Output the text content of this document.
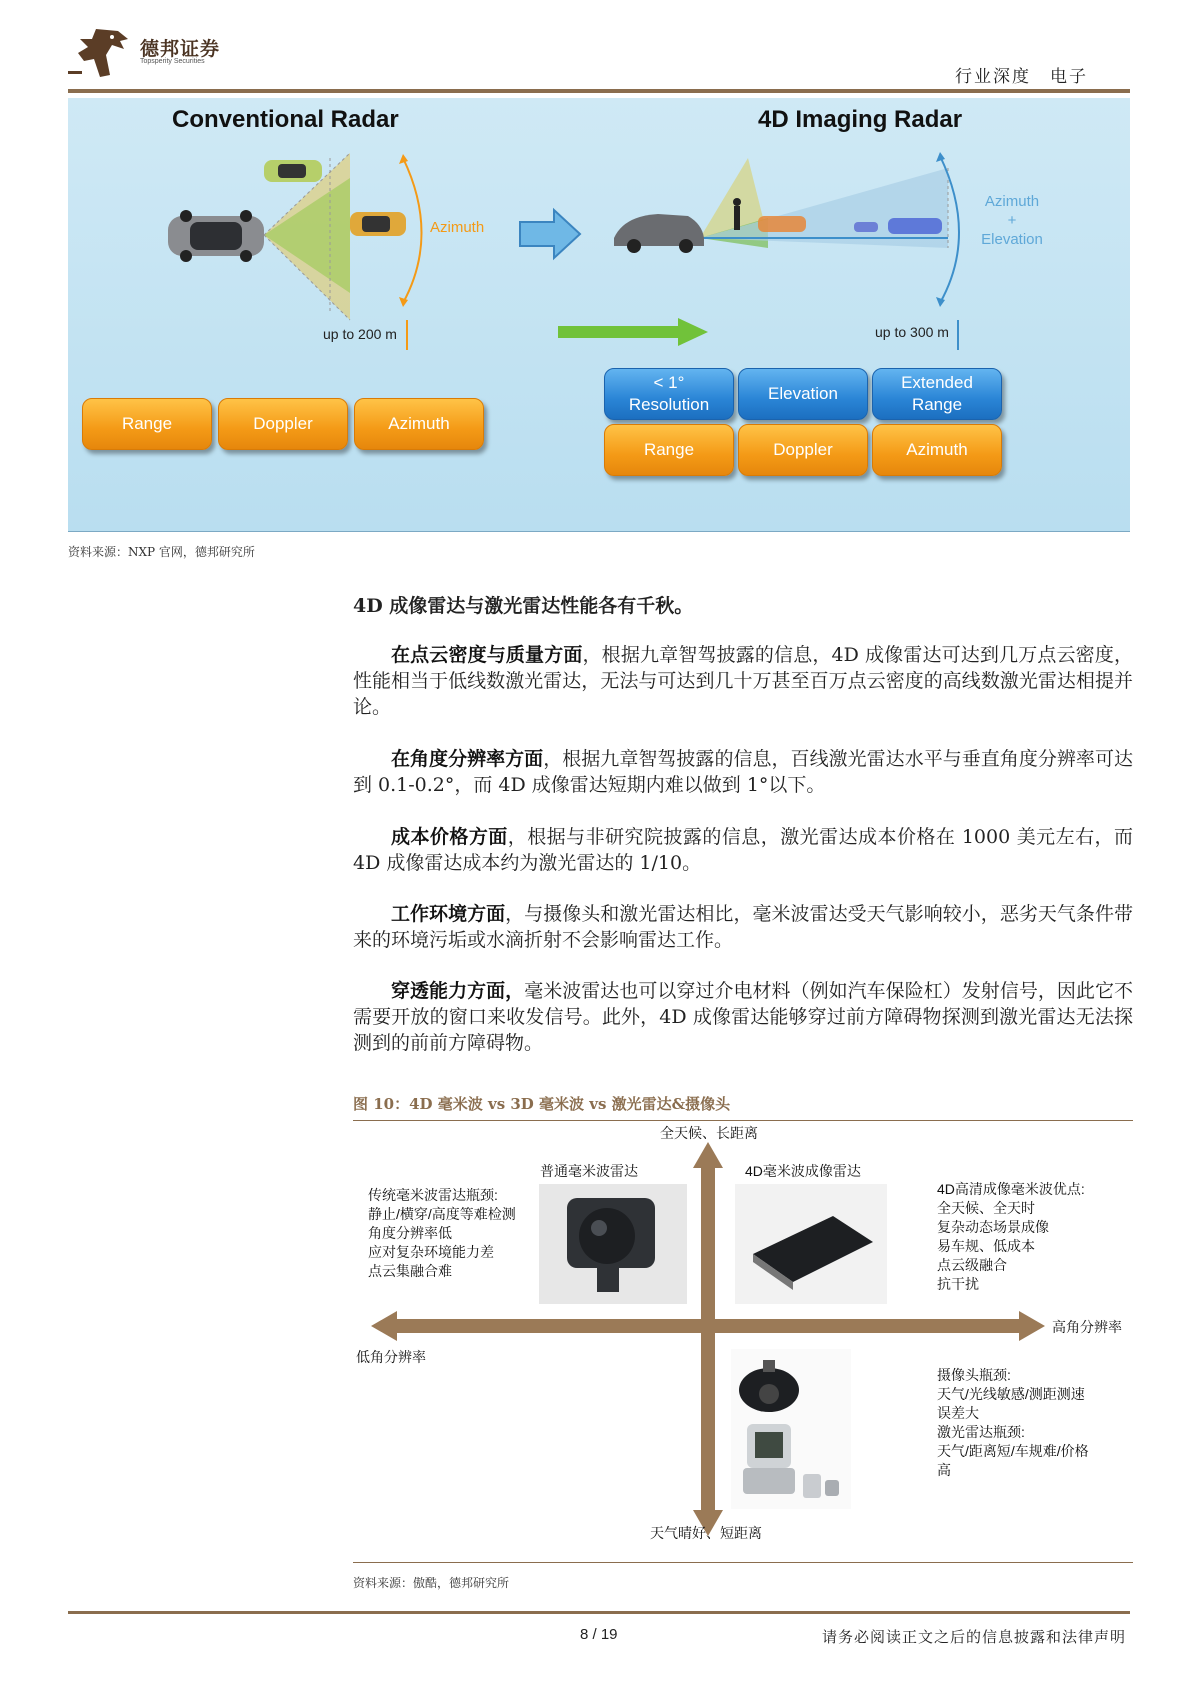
德邦证券
Topsperity Securities
行业深度　电子
Conventional Radar	4D Imaging Radar
Azimuth
Azimuth
+
Elevation
up to 200 m	up to 300 m
Range	Doppler	Azimuth
< 1°
Resolution
Elevation
Extended
Range
Range	Doppler	Azimuth
资料来源：NXP 官网，德邦研究所
4D 成像雷达与激光雷达性能各有千秋。
在点云密度与质量方面，根据九章智驾披露的信息，4D 成像雷达可达到几万点云密度，性能相当于低线数激光雷达，无法与可达到几十万甚至百万点云密度的高线数激光雷达相提并论。
在角度分辨率方面，根据九章智驾披露的信息，百线激光雷达水平与垂直角度分辨率可达到 0.1-0.2°，而 4D 成像雷达短期内难以做到 1°以下。
成本价格方面，根据与非研究院披露的信息，激光雷达成本价格在 1000 美元左右，而 4D 成像雷达成本约为激光雷达的 1/10。
工作环境方面，与摄像头和激光雷达相比，毫米波雷达受天气影响较小，恶劣天气条件带来的环境污垢或水滴折射不会影响雷达工作。
穿透能力方面，毫米波雷达也可以穿过介电材料（例如汽车保险杠）发射信号，因此它不需要开放的窗口来收发信号。此外，4D 成像雷达能够穿过前方障碍物探测到激光雷达无法探测到的前前方障碍物。
图 10：4D 毫米波 vs 3D 毫米波 vs 激光雷达&摄像头
全天候、长距离
天气晴好、短距离
低角分辨率
高角分辨率
普通毫米波雷达	4D毫米波成像雷达
传统毫米波雷达瓶颈:
静止/横穿/高度等难检测
角度分辨率低
应对复杂环境能力差
点云集融合难
4D高清成像毫米波优点:
全天候、全天时
复杂动态场景成像
易车规、低成本
点云级融合
抗干扰
摄像头瓶颈:
天气/光线敏感/测距测速
误差大
激光雷达瓶颈:
天气/距离短/车规难/价格
高
资料来源：傲酷，德邦研究所
8 / 19	请务必阅读正文之后的信息披露和法律声明
